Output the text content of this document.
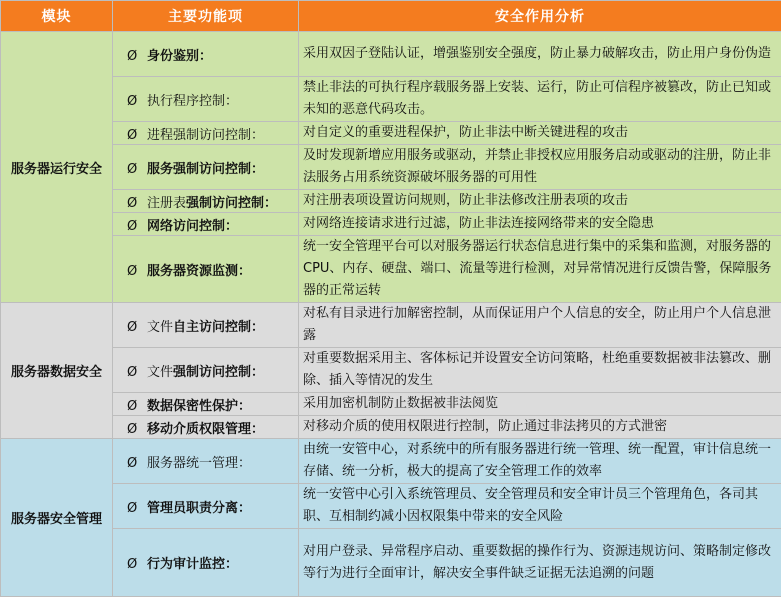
模块	主要功能项	安全作用分析
服务器运行安全	Ø 身份鉴别：	采用双因子登陆认证，增强鉴别安全强度，防止暴力破解攻击，防止用户身份伪造
	Ø 执行程序控制：	禁止非法的可执行程序载服务器上安装、运行，防止可信程序被篡改，防止已知或未知的恶意代码攻击。
	Ø 进程强制访问控制：	对自定义的重要进程保护，防止非法中断关键进程的攻击
	Ø 服务强制访问控制：	及时发现新增应用服务或驱动，并禁止非授权应用服务启动或驱动的注册，防止非法服务占用系统资源破坏服务器的可用性
	Ø 注册表强制访问控制：	对注册表项设置访问规则，防止非法修改注册表项的攻击
	Ø 网络访问控制：	对网络连接请求进行过滤，防止非法连接网络带来的安全隐患
	Ø 服务器资源监测：	统一安全管理平台可以对服务器运行状态信息进行集中的采集和监测，对服务器的CPU、内存、硬盘、端口、流量等进行检测，对异常情况进行反馈告警，保障服务器的正常运转
服务器数据安全	Ø 文件自主访问控制：	对私有目录进行加解密控制，从而保证用户个人信息的安全，防止用户个人信息泄露
	Ø 文件强制访问控制：	对重要数据采用主、客体标记并设置安全访问策略，杜绝重要数据被非法篡改、删除、插入等情况的发生
	Ø 数据保密性保护：	采用加密机制防止数据被非法阅览
	Ø 移动介质权限管理：	对移动介质的使用权限进行控制，防止通过非法拷贝的方式泄密
服务器安全管理	Ø 服务器统一管理：	由统一安管中心，对系统中的所有服务器进行统一管理、统一配置，审计信息统一存储、统一分析，极大的提高了安全管理工作的效率
	Ø 管理员职责分离：	统一安管中心引入系统管理员、安全管理员和安全审计员三个管理角色，各司其职、互相制约减小因权限集中带来的安全风险
	Ø 行为审计监控：	对用户登录、异常程序启动、重要数据的操作行为、资源违规访问、策略制定修改等行为进行全面审计，解决安全事件缺乏证据无法追溯的问题
